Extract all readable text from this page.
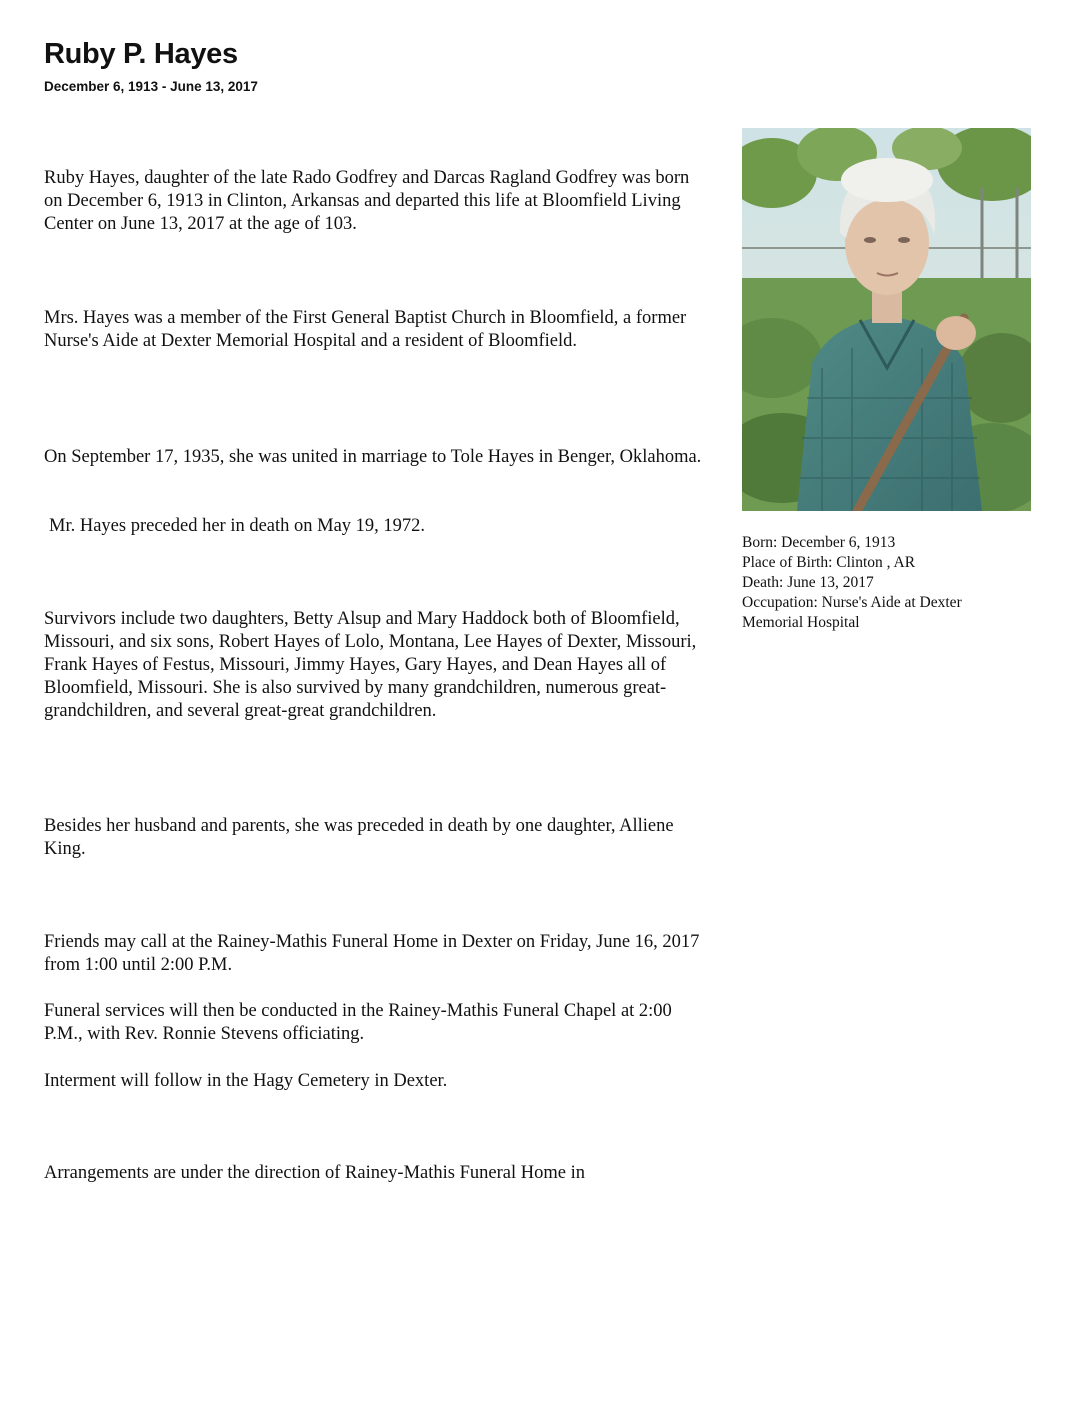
Ruby P. Hayes
December 6, 1913 - June 13, 2017

Ruby Hayes, daughter of the late Rado Godfrey and Darcas Ragland Godfrey was born on December 6, 1913 in Clinton, Arkansas and departed this life at Bloomfield Living Center on June 13, 2017 at the age of 103.

Mrs. Hayes was a member of the First General Baptist Church in Bloomfield, a former Nurse's Aide at Dexter Memorial Hospital and a resident of Bloomfield.

On September 17, 1935, she was united in marriage to Tole Hayes in Benger, Oklahoma.

Mr. Hayes preceded her in death on May 19, 1972.

Survivors include two daughters, Betty Alsup and Mary Haddock both of Bloomfield, Missouri, and six sons, Robert Hayes of Lolo, Montana, Lee Hayes of Dexter, Missouri, Frank Hayes of Festus, Missouri, Jimmy Hayes, Gary Hayes, and Dean Hayes all of Bloomfield, Missouri. She is also survived by many grandchildren, numerous great-grandchildren, and several great-great grandchildren.

Besides her husband and parents, she was preceded in death by one daughter, Alliene King.

Friends may call at the Rainey-Mathis Funeral Home in Dexter on Friday, June 16, 2017 from 1:00 until 2:00 P.M.

Funeral services will then be conducted in the Rainey-Mathis Funeral Chapel at 2:00 P.M., with Rev. Ronnie Stevens officiating.

Interment will follow in the Hagy Cemetery in Dexter.

Arrangements are under the direction of Rainey-Mathis Funeral Home in

Born: December 6, 1913
Place of Birth: Clinton , AR
Death: June 13, 2017
Occupation: Nurse's Aide at Dexter
Memorial Hospital
